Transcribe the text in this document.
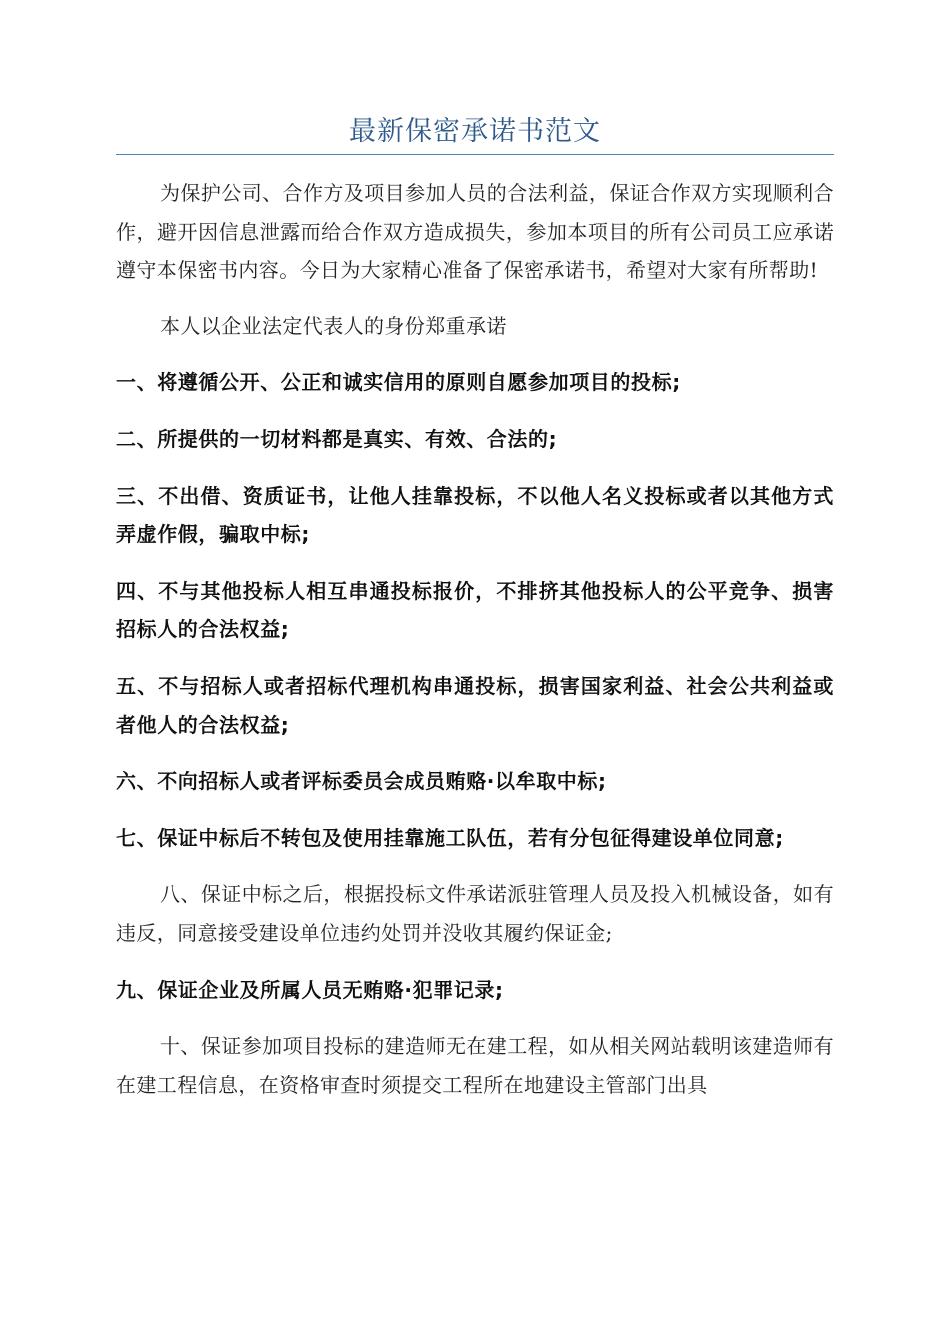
最新保密承诺书范文

为保护公司、合作方及项目参加人员的合法利益，保证合作双方实现顺利合作，避开因信息泄露而给合作双方造成损失，参加本项目的所有公司员工应承诺遵守本保密书内容。今日为大家精心准备了保密承诺书，希望对大家有所帮助!

本人以企业法定代表人的身份郑重承诺

一、将遵循公开、公正和诚实信用的原则自愿参加项目的投标;

二、所提供的一切材料都是真实、有效、合法的;

三、不出借、资质证书，让他人挂靠投标，不以他人名义投标或者以其他方式弄虚作假，骗取中标;

四、不与其他投标人相互串通投标报价，不排挤其他投标人的公平竞争、损害招标人的合法权益;

五、不与招标人或者招标代理机构串通投标，损害国家利益、社会公共利益或者他人的合法权益;

六、不向招标人或者评标委员会成员贿赂·以牟取中标;

七、保证中标后不转包及使用挂靠施工队伍，若有分包征得建设单位同意;

八、保证中标之后，根据投标文件承诺派驻管理人员及投入机械设备，如有违反，同意接受建设单位违约处罚并没收其履约保证金;

九、保证企业及所属人员无贿赂·犯罪记录;

十、保证参加项目投标的建造师无在建工程，如从相关网站载明该建造师有在建工程信息，在资格审查时须提交工程所在地建设主管部门出具
